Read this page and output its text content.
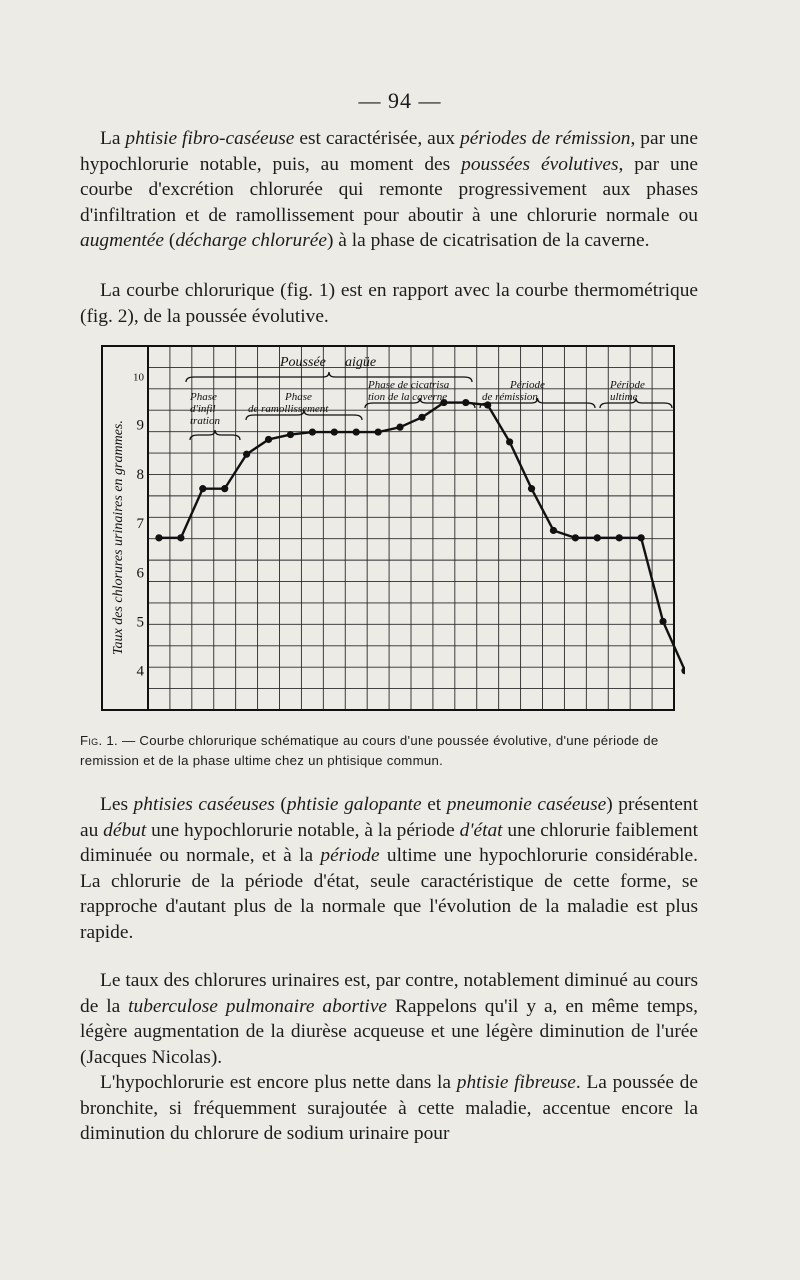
— 94 —

La phtisie fibro-caséeuse est caractérisée, aux périodes de rémission, par une hypochlorurie notable, puis, au moment des poussées évolutives, par une courbe d'excrétion chlorurée qui remonte progressivement aux phases d'infiltration et de ramollissement pour aboutir à une chlorurie normale ou augmentée (décharge chlorurée) à la phase de cicatrisation de la caverne.

La courbe chlorurique (fig. 1) est en rapport avec la courbe thermométrique (fig. 2), de la poussée évolutive.

10
9
8
7
6
5
4
Taux des chlorures urinaires en grammes.
Poussée aigüe
Phase
d'infil
tration
Phase
de ramollissement
Phase de cicatrisa
tion de la caverne
Période
de rémission
Période
ultime
Fig. 1. — Courbe chlorurique schématique au cours d'une poussée évolutive, d'une période de remission et de la phase ultime chez un phtisique commun.

Les phtisies caséeuses (phtisie galopante et pneumonie caséeuse) présentent au début une hypochlorurie notable, à la période d'état une chlorurie faiblement diminuée ou normale, et à la période ultime une hypochlorurie considérable. La chlorurie de la période d'état, seule caractéristique de cette forme, se rapproche d'autant plus de la normale que l'évolution de la maladie est plus rapide.

Le taux des chlorures urinaires est, par contre, notablement diminué au cours de la tuberculose pulmonaire abortive Rappelons qu'il y a, en même temps, légère augmentation de la diurèse acqueuse et une légère diminution de l'urée (Jacques Nicolas).

L'hypochlorurie est encore plus nette dans la phtisie fibreuse. La poussée de bronchite, si fréquemment surajoutée à cette maladie, accentue encore la diminution du chlorure de sodium urinaire pour
